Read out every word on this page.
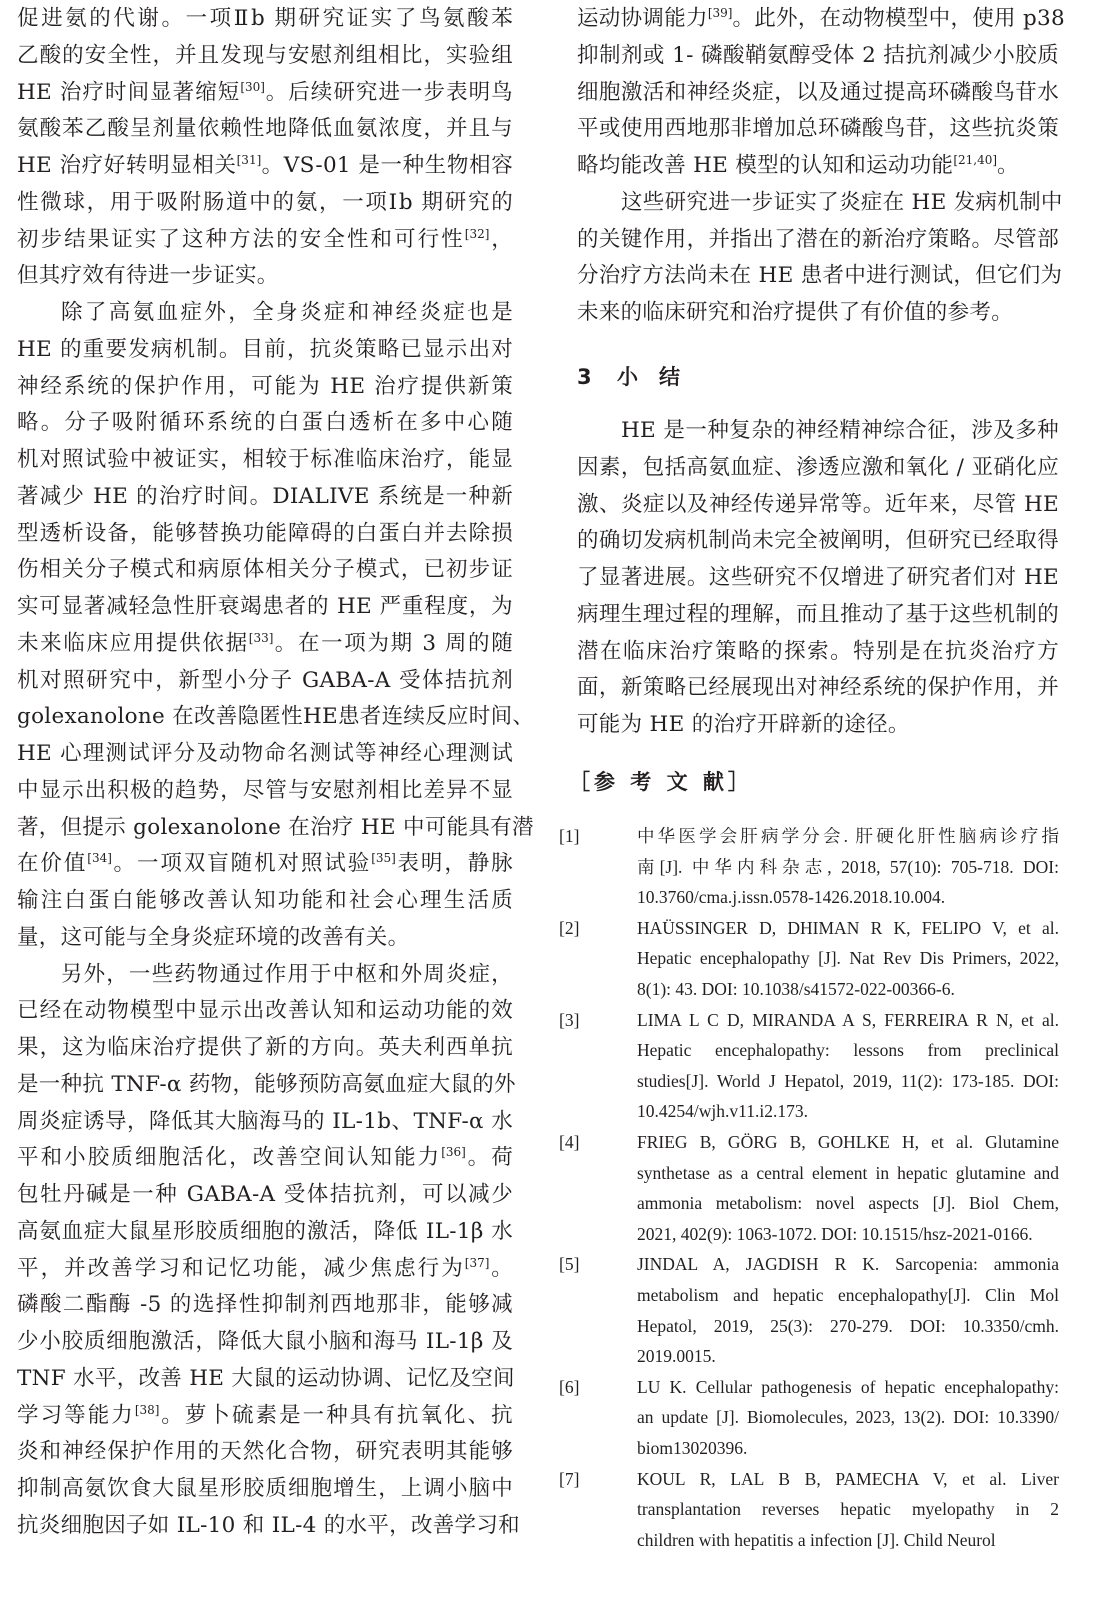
促进氨的代谢。一项Ⅱb 期研究证实了鸟氨酸苯
乙酸的安全性，并且发现与安慰剂组相比，实验组
HE 治疗时间显著缩短[30]。后续研究进一步表明鸟
氨酸苯乙酸呈剂量依赖性地降低血氨浓度，并且与
HE 治疗好转明显相关[31]。VS-01 是一种生物相容
性微球，用于吸附肠道中的氨，一项Ⅰb 期研究的
初步结果证实了这种方法的安全性和可行性[32]，
但其疗效有待进一步证实。
除了高氨血症外，全身炎症和神经炎症也是
HE 的重要发病机制。目前，抗炎策略已显示出对
神经系统的保护作用，可能为 HE 治疗提供新策
略。分子吸附循环系统的白蛋白透析在多中心随
机对照试验中被证实，相较于标准临床治疗，能显
著减少 HE 的治疗时间。DIALIVE 系统是一种新
型透析设备，能够替换功能障碍的白蛋白并去除损
伤相关分子模式和病原体相关分子模式，已初步证
实可显著减轻急性肝衰竭患者的 HE 严重程度，为
未来临床应用提供依据[33]。在一项为期 3 周的随
机对照研究中，新型小分子 GABA-A 受体拮抗剂
golexanolone 在改善隐匿性HE患者连续反应时间、
HE 心理测试评分及动物命名测试等神经心理测试
中显示出积极的趋势，尽管与安慰剂相比差异不显
著，但提示 golexanolone 在治疗 HE 中可能具有潜
在价值[34]。一项双盲随机对照试验[35]表明，静脉
输注白蛋白能够改善认知功能和社会心理生活质
量，这可能与全身炎症环境的改善有关。
另外，一些药物通过作用于中枢和外周炎症，
已经在动物模型中显示出改善认知和运动功能的效
果，这为临床治疗提供了新的方向。英夫利西单抗
是一种抗 TNF-α 药物，能够预防高氨血症大鼠的外
周炎症诱导，降低其大脑海马的 IL-1b、TNF-α 水
平和小胶质细胞活化，改善空间认知能力[36]。荷
包牡丹碱是一种 GABA-A 受体拮抗剂，可以减少
高氨血症大鼠星形胶质细胞的激活，降低 IL-1β 水
平，并改善学习和记忆功能，减少焦虑行为[37]。
磷酸二酯酶 -5 的选择性抑制剂西地那非，能够减
少小胶质细胞激活，降低大鼠小脑和海马 IL-1β 及
TNF 水平，改善 HE 大鼠的运动协调、记忆及空间
学习等能力[38]。萝卜硫素是一种具有抗氧化、抗
炎和神经保护作用的天然化合物，研究表明其能够
抑制高氨饮食大鼠星形胶质细胞增生，上调小脑中
抗炎细胞因子如 IL-10 和 IL-4 的水平，改善学习和
运动协调能力[39]。此外，在动物模型中，使用 p38
抑制剂或 1- 磷酸鞘氨醇受体 2 拮抗剂减少小胶质
细胞激活和神经炎症，以及通过提高环磷酸鸟苷水
平或使用西地那非增加总环磷酸鸟苷，这些抗炎策
略均能改善 HE 模型的认知和运动功能[21,40]。
这些研究进一步证实了炎症在 HE 发病机制中
的关键作用，并指出了潜在的新治疗策略。尽管部
分治疗方法尚未在 HE 患者中进行测试，但它们为
未来的临床研究和治疗提供了有价值的参考。
3 小 结
HE 是一种复杂的神经精神综合征，涉及多种
因素，包括高氨血症、渗透应激和氧化 / 亚硝化应
激、炎症以及神经传递异常等。近年来，尽管 HE
的确切发病机制尚未完全被阐明，但研究已经取得
了显著进展。这些研究不仅增进了研究者们对 HE
病理生理过程的理解，而且推动了基于这些机制的
潜在临床治疗策略的探索。特别是在抗炎治疗方
面，新策略已经展现出对神经系统的保护作用，并
可能为 HE 的治疗开辟新的途径。
［参 考 文 献］
[1]	中华医学会肝病学分会. 肝硬化肝性脑病诊疗指
南[J]. 中华内科杂志, 2018, 57(10): 705-718. DOI:
10.3760/cma.j.issn.0578-1426.2018.10.004.
[2]	HAÜSSINGER D, DHIMAN R K, FELIPO V, et al.
Hepatic encephalopathy [J]. Nat Rev Dis Primers, 2022,
8(1): 43. DOI: 10.1038/s41572-022-00366-6.
[3]	LIMA L C D, MIRANDA A S, FERREIRA R N, et al.
Hepatic encephalopathy: lessons from preclinical
studies[J]. World J Hepatol, 2019, 11(2): 173-185. DOI:
10.4254/wjh.v11.i2.173.
[4]	FRIEG B, GÖRG B, GOHLKE H, et al. Glutamine
synthetase as a central element in hepatic glutamine and
ammonia metabolism: novel aspects [J]. Biol Chem,
2021, 402(9): 1063-1072. DOI: 10.1515/hsz-2021-0166.
[5]	JINDAL A, JAGDISH R K. Sarcopenia: ammonia
metabolism and hepatic encephalopathy[J]. Clin Mol
Hepatol, 2019, 25(3): 270-279. DOI: 10.3350/cmh.
2019.0015.
[6]	LU K. Cellular pathogenesis of hepatic encephalopathy:
an update [J]. Biomolecules, 2023, 13(2). DOI: 10.3390/
biom13020396.
[7]	KOUL R, LAL B B, PAMECHA V, et al. Liver
transplantation reverses hepatic myelopathy in 2
children with hepatitis a infection [J]. Child Neurol
